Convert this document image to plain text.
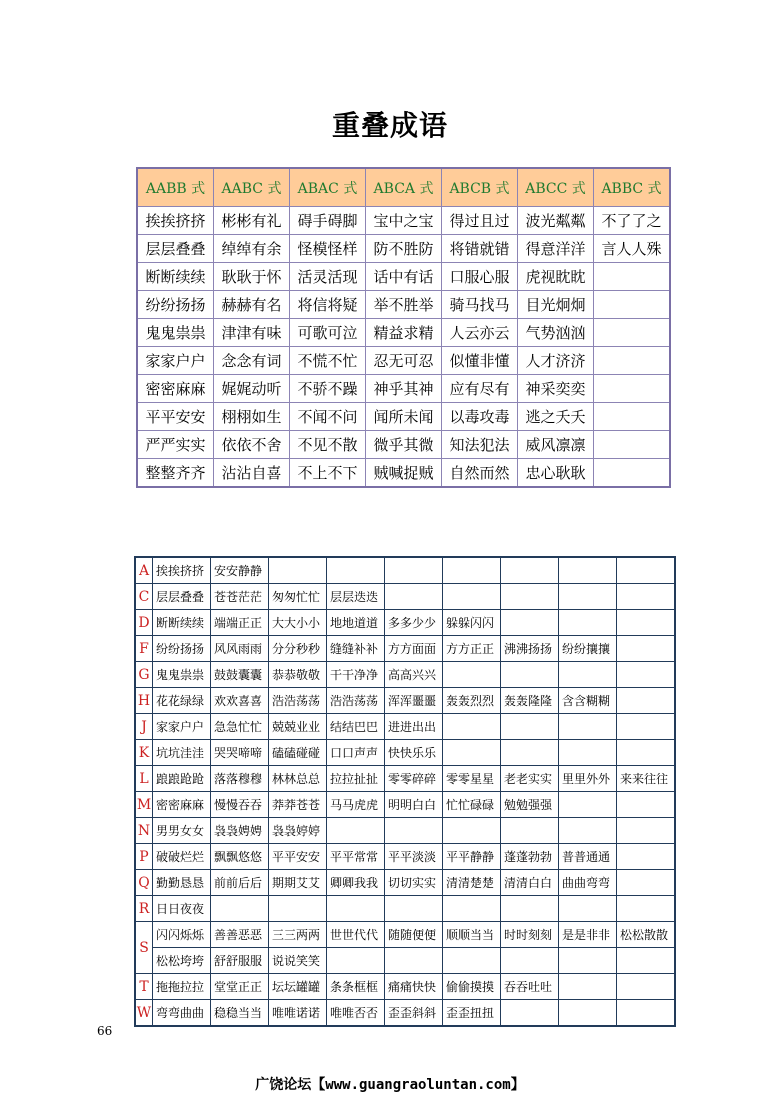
重叠成语
AABB 式	AABC 式	ABAC 式	ABCA 式	ABCB 式	ABCC 式	ABBC 式
挨挨挤挤	彬彬有礼	碍手碍脚	宝中之宝	得过且过	波光粼粼	不了了之
层层叠叠	绰绰有余	怪模怪样	防不胜防	将错就错	得意洋洋	言人人殊
断断续续	耿耿于怀	活灵活现	话中有话	口服心服	虎视眈眈	
纷纷扬扬	赫赫有名	将信将疑	举不胜举	骑马找马	目光炯炯	
鬼鬼祟祟	津津有味	可歌可泣	精益求精	人云亦云	气势汹汹	
家家户户	念念有词	不慌不忙	忍无可忍	似懂非懂	人才济济	
密密麻麻	娓娓动听	不骄不躁	神乎其神	应有尽有	神采奕奕	
平平安安	栩栩如生	不闻不问	闻所未闻	以毒攻毒	逃之夭夭	
严严实实	依依不舍	不见不散	微乎其微	知法犯法	威风凛凛	
整整齐齐	沾沾自喜	不上不下	贼喊捉贼	自然而然	忠心耿耿	
A	挨挨挤挤	安安静静							
C	层层叠叠	苍苍茫茫	匆匆忙忙	层层迭迭					
D	断断续续	端端正正	大大小小	地地道道	多多少少	躲躲闪闪			
F	纷纷扬扬	风风雨雨	分分秒秒	缝缝补补	方方面面	方方正正	沸沸扬扬	纷纷攘攘	
G	鬼鬼祟祟	鼓鼓囊囊	恭恭敬敬	干干净净	高高兴兴				
H	花花绿绿	欢欢喜喜	浩浩荡荡	浩浩荡荡	浑浑噩噩	轰轰烈烈	轰轰隆隆	含含糊糊	
J	家家户户	急急忙忙	兢兢业业	结结巴巴	进进出出				
K	坑坑洼洼	哭哭啼啼	磕磕碰碰	口口声声	快快乐乐				
L	踉踉跄跄	落落穆穆	林林总总	拉拉扯扯	零零碎碎	零零星星	老老实实	里里外外	来来往往
M	密密麻麻	慢慢吞吞	莽莽苍苍	马马虎虎	明明白白	忙忙碌碌	勉勉强强		
N	男男女女	袅袅娉娉	袅袅婷婷						
P	破破烂烂	飘飘悠悠	平平安安	平平常常	平平淡淡	平平静静	蓬蓬勃勃	普普通通	
Q	勤勤恳恳	前前后后	期期艾艾	卿卿我我	切切实实	清清楚楚	清清白白	曲曲弯弯	
R	日日夜夜								
S	闪闪烁烁	善善恶恶	三三两两	世世代代	随随便便	顺顺当当	时时刻刻	是是非非	松松散散
	松松垮垮	舒舒服服	说说笑笑						
T	拖拖拉拉	堂堂正正	坛坛罐罐	条条框框	痛痛快快	偷偷摸摸	吞吞吐吐		
W	弯弯曲曲	稳稳当当	唯唯诺诺	唯唯否否	歪歪斜斜	歪歪扭扭			
66
广饶论坛【www.guangraoluntan.com】
